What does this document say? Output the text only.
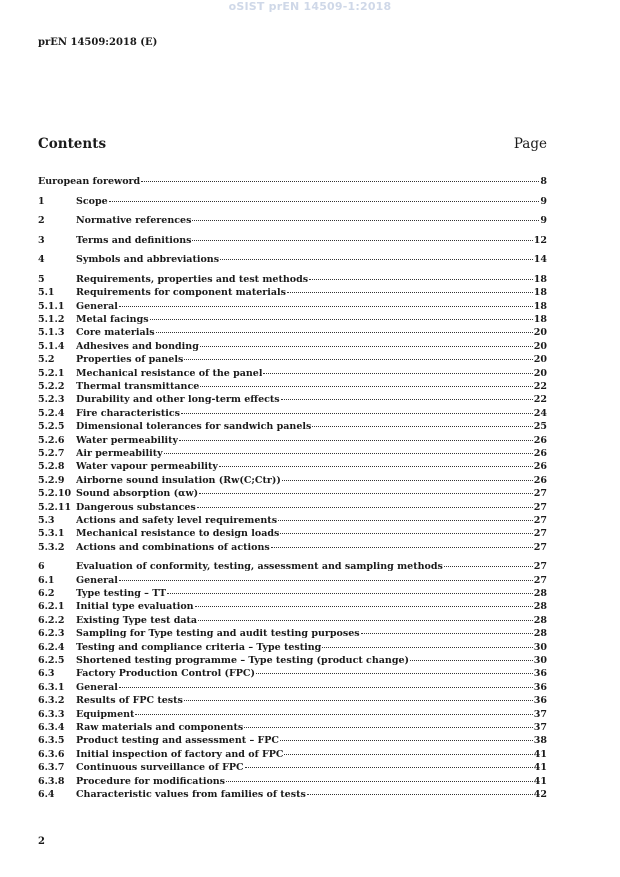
oSIST prEN 14509-1:2018
prEN 14509:2018 (E)
Contents	Page
European foreword	8
1	Scope	9
2	Normative references	9
3	Terms and definitions	12
4	Symbols and abbreviations	14
5	Requirements, properties and test methods	18
5.1	Requirements for component materials	18
5.1.1	General	18
5.1.2	Metal facings	18
5.1.3	Core materials	20
5.1.4	Adhesives and bonding	20
5.2	Properties of panels	20
5.2.1	Mechanical resistance of the panel	20
5.2.2	Thermal transmittance	22
5.2.3	Durability and other long-term effects	22
5.2.4	Fire characteristics	24
5.2.5	Dimensional tolerances for sandwich panels	25
5.2.6	Water permeability	26
5.2.7	Air permeability	26
5.2.8	Water vapour permeability	26
5.2.9	Airborne sound insulation (Rw(C;Ctr))	26
5.2.10 Sound absorption (αw)	27
5.2.11 Dangerous substances	27
5.3	Actions and safety level requirements	27
5.3.1	Mechanical resistance to design loads	27
5.3.2	Actions and combinations of actions	27
6	Evaluation of conformity, testing, assessment and sampling methods	27
6.1	General	27
6.2	Type testing – TT	28
6.2.1	Initial type evaluation	28
6.2.2	Existing Type test data	28
6.2.3	Sampling for Type testing and audit testing purposes	28
6.2.4	Testing and compliance criteria – Type testing	30
6.2.5	Shortened testing programme – Type testing (product change)	30
6.3	Factory Production Control (FPC)	36
6.3.1	General	36
6.3.2	Results of FPC tests	36
6.3.3	Equipment	37
6.3.4	Raw materials and components	37
6.3.5	Product testing and assessment – FPC	38
6.3.6	Initial inspection of factory and of FPC	41
6.3.7	Continuous surveillance of FPC	41
6.3.8	Procedure for modifications	41
6.4	Characteristic values from families of tests	42
2
